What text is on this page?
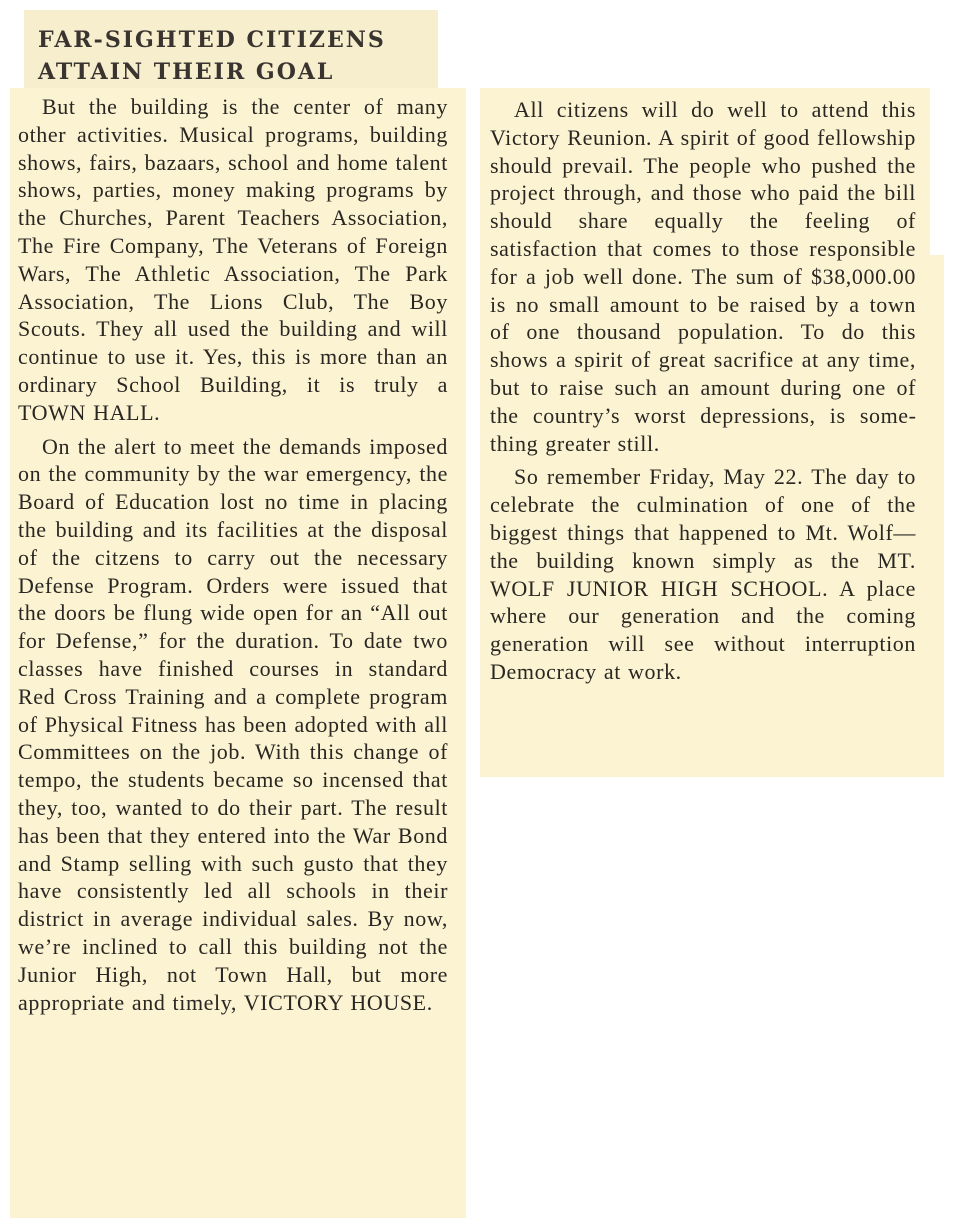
FAR-SIGHTED CITIZENS
ATTAIN THEIR GOAL

But the building is the center of many other activities. Musical programs, building shows, fairs, bazaars, school and home talent shows, parties, money making programs by the Churches, Parent Teachers Association, The Fire Company, The Veterans of Foreign Wars, The Athletic Association, The Park Association, The Lions Club, The Boy Scouts. They all used the building and will continue to use it. Yes, this is more than an ordinary School Building, it is truly a TOWN HALL.

On the alert to meet the demands imposed on the community by the war emergency, the Board of Education lost no time in placing the building and its facilities at the disposal of the citzens to carry out the necessary Defense Program. Orders were issued that the doors be flung wide open for an “All out for Defense,” for the duration. To date two classes have finished courses in standard Red Cross Training and a complete program of Physical Fitness has been adopted with all Committees on the job. With this change of tempo, the students became so incensed that they, too, wanted to do their part. The result has been that they entered into the War Bond and Stamp selling with such gusto that they have consistently led all schools in their district in average individual sales. By now, we’re inclined to call this building not the Junior High, not Town Hall, but more appropriate and timely, VICTORY HOUSE.

All citizens will do well to attend this Victory Reunion. A spirit of good fellowship should prevail. The people who pushed the project through, and those who paid the bill should share equally the feeling of satisfaction that comes to those responsible for a job well done. The sum of $38,000.00 is no small amount to be raised by a town of one thousand population. To do this shows a spirit of great sacrifice at any time, but to raise such an amount during one of the country’s worst depressions, is something greater still.

So remember Friday, May 22. The day to celebrate the culmination of one of the biggest things that happened to Mt. Wolf—the building known simply as the MT. WOLF JUNIOR HIGH SCHOOL. A place where our generation and the coming generation will see without interruption Democracy at work.
